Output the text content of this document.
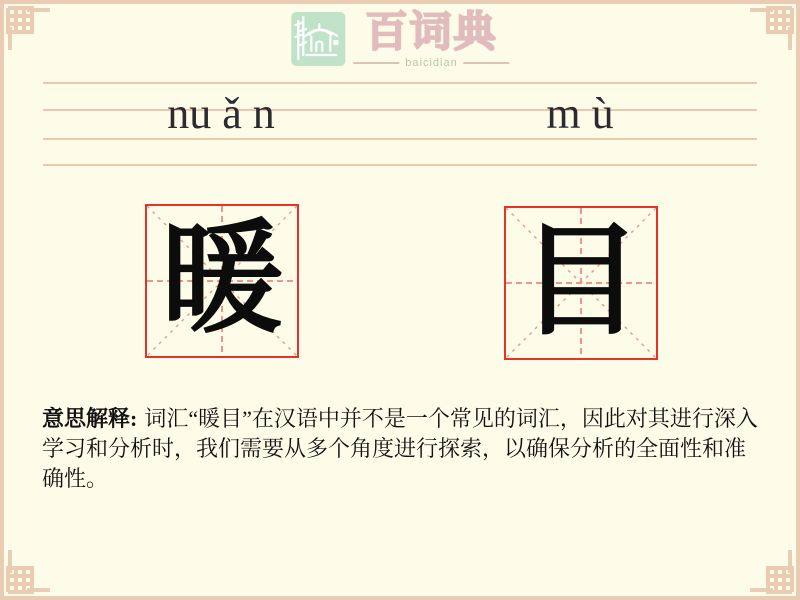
百词典
baicidian
nu ǎ n	m ù
暖 目

意思解释: 词汇“暖目”在汉语中并不是一个常见的词汇，因此对其进行深入学习和分析时，我们需要从多个角度进行探索，以确保分析的全面性和准确性。
